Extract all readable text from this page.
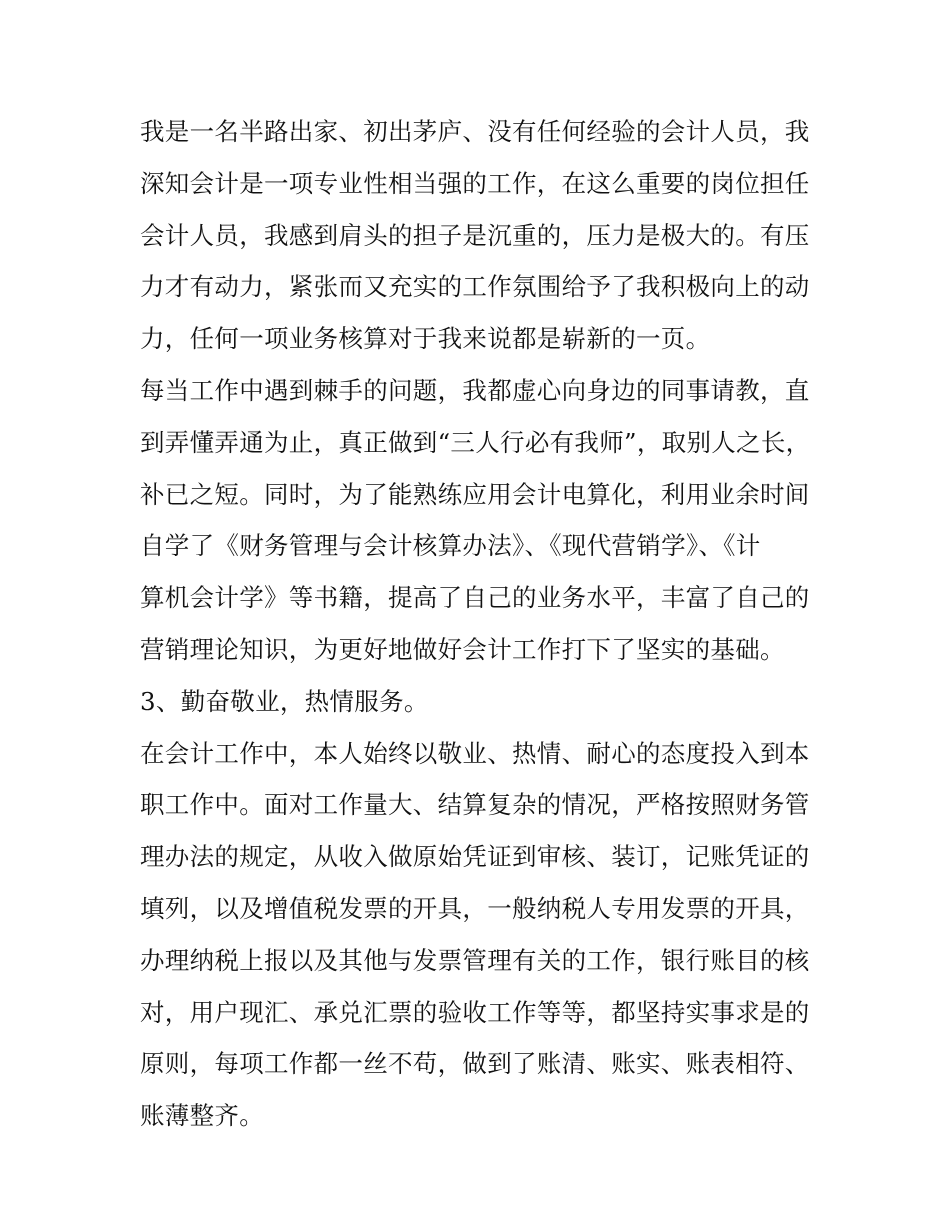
我是一名半路出家、初出茅庐、没有任何经验的会计人员，我
深知会计是一项专业性相当强的工作，在这么重要的岗位担任
会计人员，我感到肩头的担子是沉重的，压力是极大的。有压
力才有动力，紧张而又充实的工作氛围给予了我积极向上的动
力，任何一项业务核算对于我来说都是崭新的一页。
每当工作中遇到棘手的问题，我都虚心向身边的同事请教，直
到弄懂弄通为止，真正做到“三人行必有我师”，取别人之长，
补已之短。同时，为了能熟练应用会计电算化，利用业余时间
自学了《财务管理与会计核算办法》、《现代营销学》、《计
算机会计学》等书籍，提高了自己的业务水平，丰富了自己的
营销理论知识，为更好地做好会计工作打下了坚实的基础。
3、勤奋敬业，热情服务。
在会计工作中，本人始终以敬业、热情、耐心的态度投入到本
职工作中。面对工作量大、结算复杂的情况，严格按照财务管
理办法的规定，从收入做原始凭证到审核、装订，记账凭证的
填列，以及增值税发票的开具，一般纳税人专用发票的开具，
办理纳税上报以及其他与发票管理有关的工作，银行账目的核
对，用户现汇、承兑汇票的验收工作等等，都坚持实事求是的
原则，每项工作都一丝不苟，做到了账清、账实、账表相符、
账薄整齐。
